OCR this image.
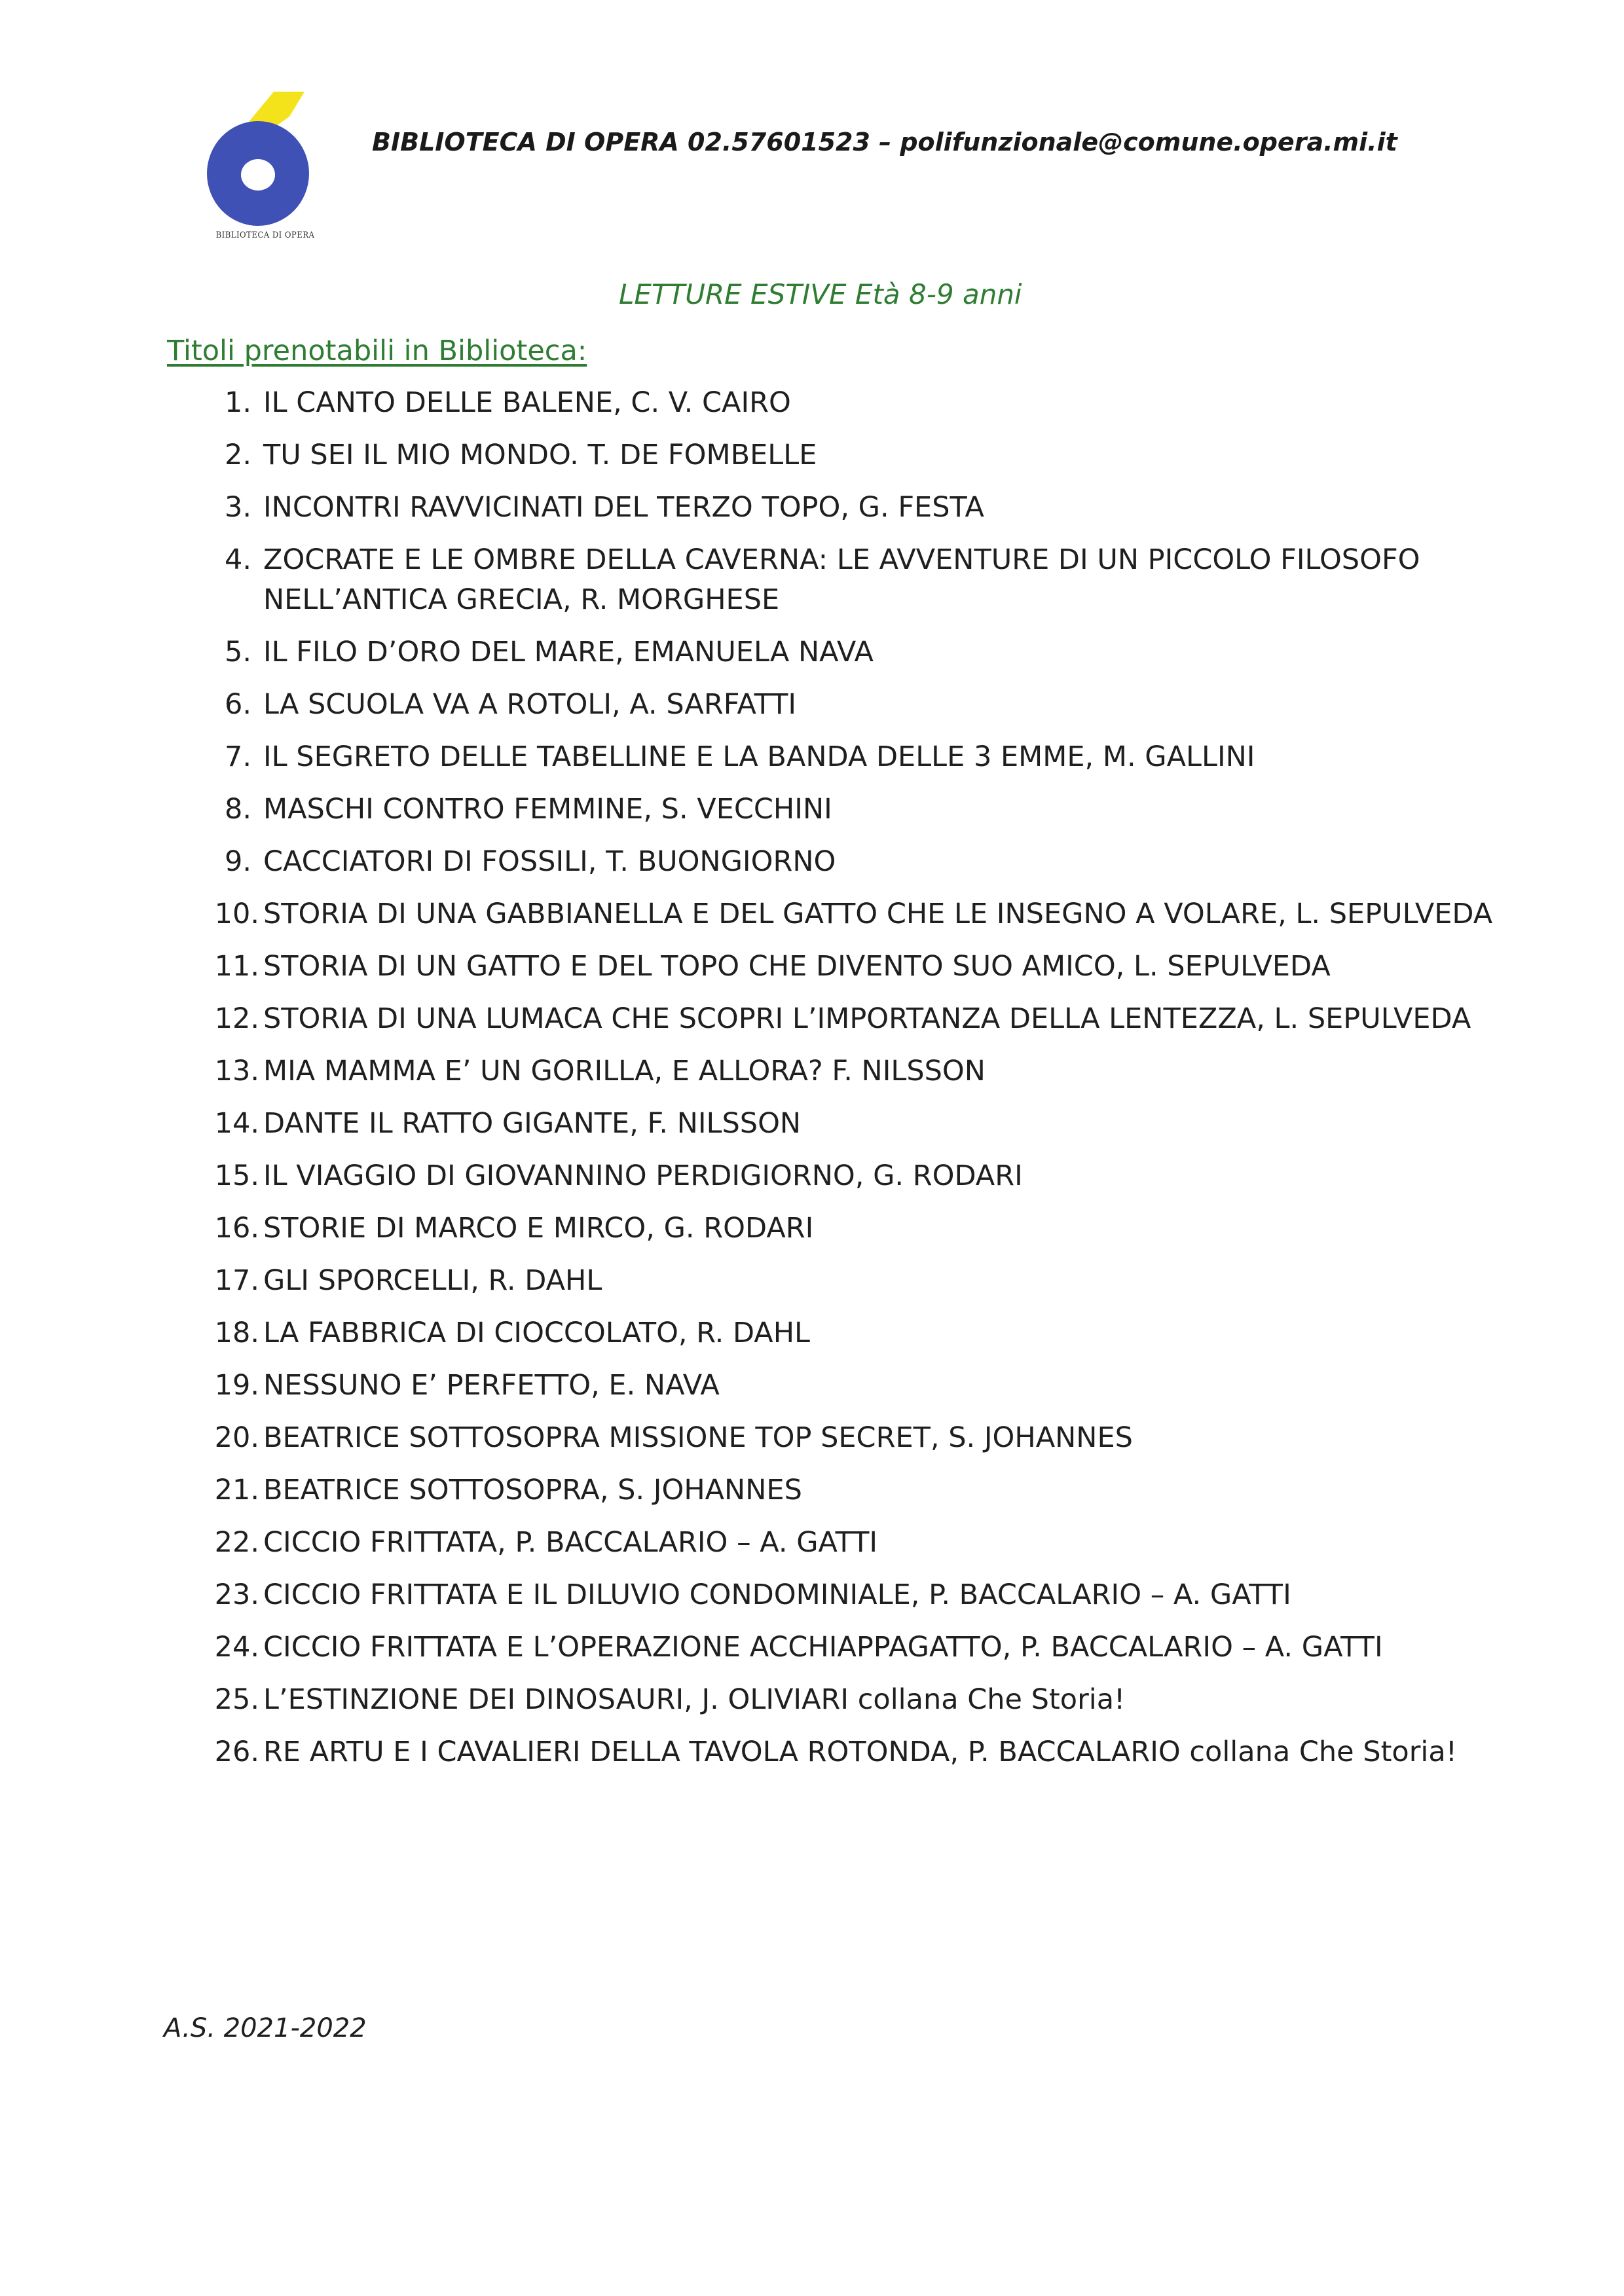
BIBLIOTECA DI OPERA
BIBLIOTECA DI OPERA 02.57601523 – polifunzionale@comune.opera.mi.it
LETTURE ESTIVE Età 8-9 anni
Titoli prenotabili in Biblioteca:
1. IL CANTO DELLE BALENE, C. V. CAIRO
2. TU SEI IL MIO MONDO. T. DE FOMBELLE
3. INCONTRI RAVVICINATI DEL TERZO TOPO, G. FESTA
4. ZOCRATE E LE OMBRE DELLA CAVERNA: LE AVVENTURE DI UN PICCOLO FILOSOFO NELL’ANTICA GRECIA, R. MORGHESE
5. IL FILO D’ORO DEL MARE, EMANUELA NAVA
6. LA SCUOLA VA A ROTOLI, A. SARFATTI
7. IL SEGRETO DELLE TABELLINE E LA BANDA DELLE 3 EMME, M. GALLINI
8. MASCHI CONTRO FEMMINE, S. VECCHINI
9. CACCIATORI DI FOSSILI, T. BUONGIORNO
10. STORIA DI UNA GABBIANELLA E DEL GATTO CHE LE INSEGNO A VOLARE, L. SEPULVEDA
11. STORIA DI UN GATTO E DEL TOPO CHE DIVENTO SUO AMICO, L. SEPULVEDA
12. STORIA DI UNA LUMACA CHE SCOPRI L’IMPORTANZA DELLA LENTEZZA, L. SEPULVEDA
13. MIA MAMMA E’ UN GORILLA, E ALLORA? F. NILSSON
14. DANTE IL RATTO GIGANTE, F. NILSSON
15. IL VIAGGIO DI GIOVANNINO PERDIGIORNO, G. RODARI
16. STORIE DI MARCO E MIRCO, G. RODARI
17. GLI SPORCELLI, R. DAHL
18. LA FABBRICA DI CIOCCOLATO, R. DAHL
19. NESSUNO E’ PERFETTO, E. NAVA
20. BEATRICE SOTTOSOPRA MISSIONE TOP SECRET, S. JOHANNES
21. BEATRICE SOTTOSOPRA, S. JOHANNES
22. CICCIO FRITTATA, P. BACCALARIO – A. GATTI
23. CICCIO FRITTATA E IL DILUVIO CONDOMINIALE, P. BACCALARIO – A. GATTI
24. CICCIO FRITTATA E L’OPERAZIONE ACCHIAPPAGATTO, P. BACCALARIO – A. GATTI
25. L’ESTINZIONE DEI DINOSAURI, J. OLIVIARI collana Che Storia!
26. RE ARTU E I CAVALIERI DELLA TAVOLA ROTONDA, P. BACCALARIO collana Che Storia!
A.S. 2021-2022
